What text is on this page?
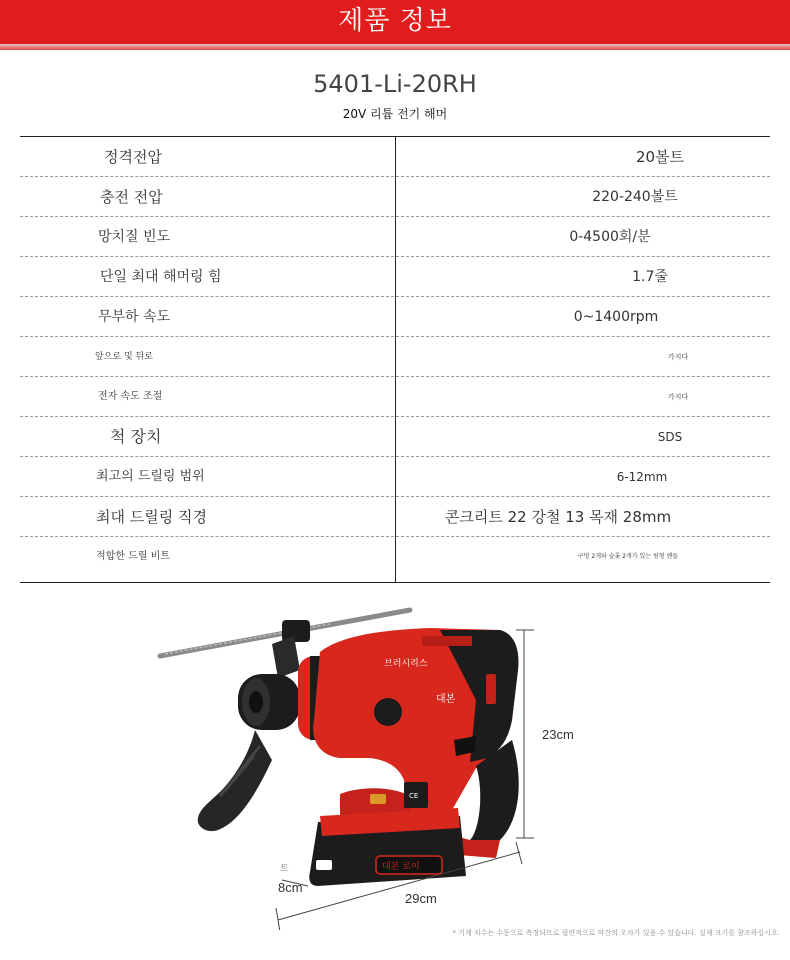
제품 정보
5401-Li-20RH
20V 리튬 전기 해머
정격전압	20볼트
충전 전압	220-240볼트
망치질 빈도	0-4500회/분
단일 최대 해머링 힘	1.7줄
무부하 속도	0~1400rpm
앞으로 및 뒤로	가지다
전자 속도 조절	가지다
척 장치	SDS
최고의 드릴링 범위	6-12mm
최대 드릴링 직경	콘크리트 22 강철 13 목재 28mm
적합한 드릴 비트	구멍 2개와 슬롯 2개가 있는 원형 핸들
브러시리스
대본
CE
대본 로이
23cm
29cm
8cm
트
* 기계 치수는 수동으로 측정되므로 필연적으로 약간의 오차가 있을 수 있습니다. 실제 크기를 참조하십시오.
